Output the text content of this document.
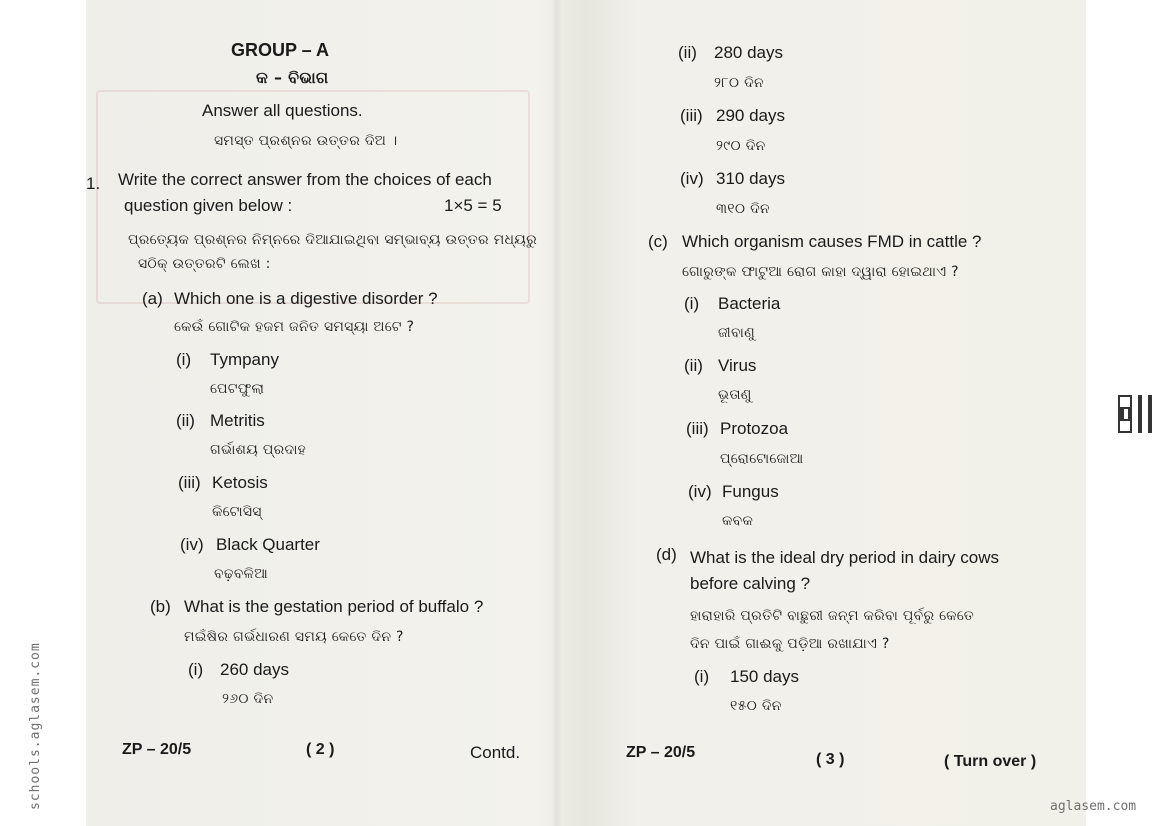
GROUP – A
କ – ବିଭାଗ
Answer all questions.
ସମସ୍ତ ପ୍ରଶ୍ନର ଉତ୍ତର ଦିଅ ।
1. Write the correct answer from the choices of each
question given below :	1×5 = 5
ପ୍ରତ୍ୟେକ ପ୍ରଶ୍ନର ନିମ୍ନରେ ଦିଆଯାଇଥିବା ସମ୍ଭାବ୍ୟ ଉତ୍ତର ମଧ୍ୟରୁ
ସଠିକ୍ ଉତ୍ତରଟି ଲେଖ :
(a) Which one is a digestive disorder ?
କେଉଁ ଗୋଟିକ ହଜମ ଜନିତ ସମସ୍ୟା ଅଟେ ?
(i) Tympany
ପେଟଫୁଲା
(ii) Metritis
ଗର୍ଭାଶୟ ପ୍ରଦାହ
(iii) Ketosis
କିଟୋସିସ୍
(iv) Black Quarter
ବଢ଼ବଳିଆ
(b) What is the gestation period of buffalo ?
ମଇଁଷିର ଗର୍ଭଧାରଣ ସମୟ କେତେ ଦିନ ?
(i) 260 days
୨୬୦ ଦିନ
ZP – 20/5	( 2 )	Contd.
(ii) 280 days
୨୮୦ ଦିନ
(iii) 290 days
୨୯୦ ଦିନ
(iv) 310 days
୩୧୦ ଦିନ
(c) Which organism causes FMD in cattle ?
ଗୋରୁଙ୍କ ଫାଟୁଆ ରୋଗ କାହା ଦ୍ୱାରା ହୋଇଥାଏ ?
(i) Bacteria
ଜୀବାଣୁ
(ii) Virus
ଭୂତାଣୁ
(iii) Protozoa
ପ୍ରୋଟୋଜୋଆ
(iv) Fungus
କବକ
(d) What is the ideal dry period in dairy cows
before calving ?
ହାରାହାରି ପ୍ରତିଟି ବାଛୁରୀ ଜନ୍ମ କରିବା ପୂର୍ବରୁ କେତେ
ଦିନ ପାଇଁ ଗାଈକୁ ପଡ଼ିଆ ରଖାଯାଏ ?
(i) 150 days
୧୫୦ ଦିନ
ZP – 20/5	( 3 )	( Turn over )
schools.aglasem.com	aglasem.com
